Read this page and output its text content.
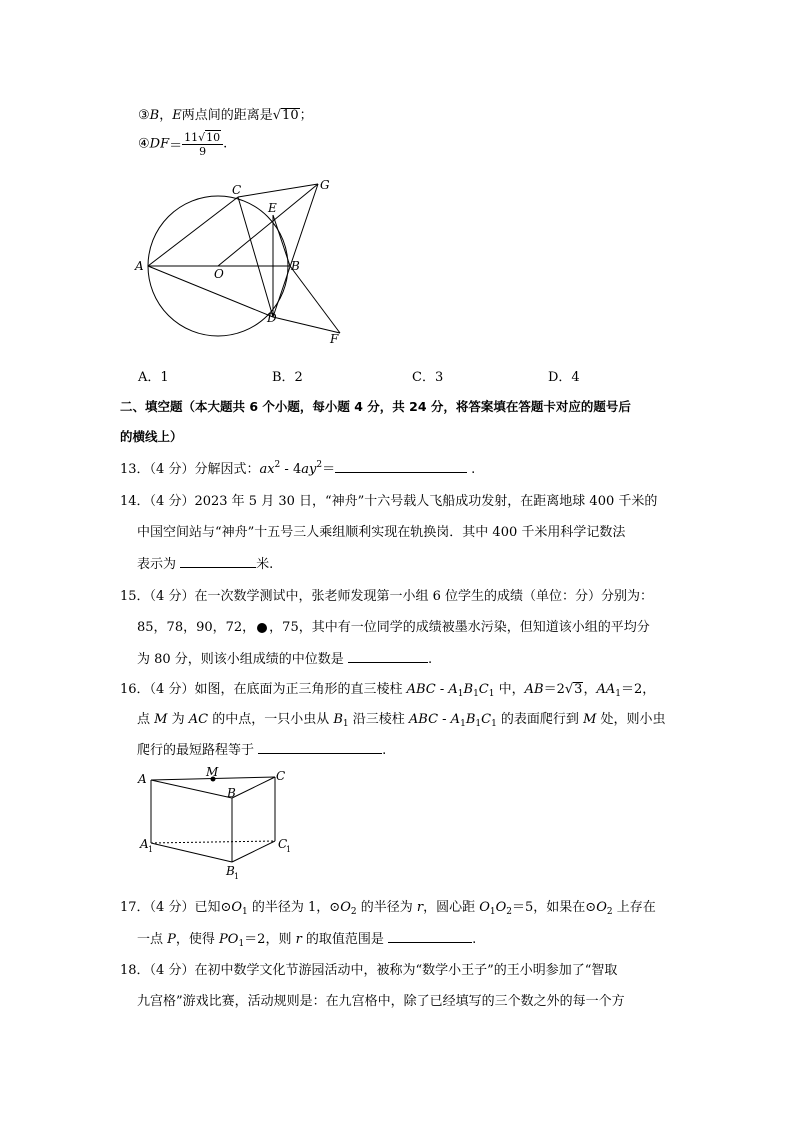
③B，E两点间的距离是√10；
④DF＝ $\frac{11√10}{9}$ .
A
O
B
C
E
G
D
F
A．1	B．2	C．3	D．4
二、填空题（本大题共 6 个小题，每小题 4 分，共 24 分，将答案填在答题卡对应的题号后
的横线上）
13．（4 分）分解因式：$ax^2 - 4ay^2=$	.
14．（4 分）2023 年 5 月 30 日，“神舟”十六号载人飞船成功发射，在距离地球 400 千米的
中国空间站与“神舟”十五号三人乘组顺利实现在轨换岗．其中 400 千米用科学记数法
表示为	米.
15．（4 分）在一次数学测试中，张老师发现第一小组 6 位学生的成绩（单位：分）分别为：
85，78，90，72， ，75，其中有一位同学的成绩被墨水污染，但知道该小组的平均分
为 80 分，则该小组成绩的中位数是	.
16．（4 分）如图，在底面为正三角形的直三棱柱 ABC - $A_1B_1C_1$ 中，AB＝2√3，$AA_1=2$，
点 M 为 AC 的中点，一只小虫从 $B_1$ 沿三棱柱 ABC - $A_1B_1C_1$ 的表面爬行到 M 处，则小虫
爬行的最短路程等于	.
A	M	C
B
A 1	C
1
B 1
17．（4 分）已知$⊙O_1$ 的半径为 1，$⊙O_2$ 的半径为 r，圆心距 $O_1O_2=5$，如果在$⊙O_2$ 上存在
一点 P，使得 $PO_1=2$，则 r 的取值范围是	.
18．（4 分）在初中数学文化节游园活动中，被称为“数学小王子”的王小明参加了“智取
九宫格”游戏比赛，活动规则是：在九宫格中，除了已经填写的三个数之外的每一个方
